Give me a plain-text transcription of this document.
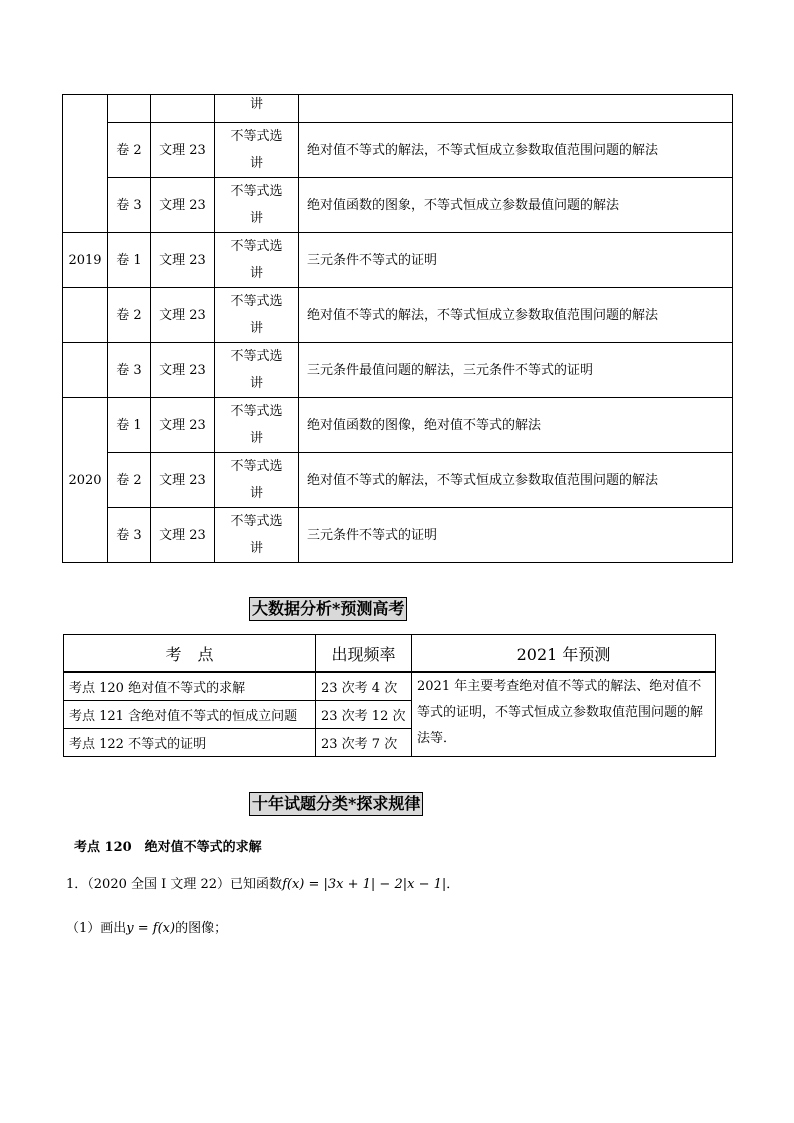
			讲	

	卷 2	文理 23	不等式选
讲	绝对值不等式的解法，不等式恒成立参数取值范围问题的解法
	卷 3	文理 23	不等式选
讲	绝对值函数的图象，不等式恒成立参数最值问题的解法
2019	卷 1	文理 23	不等式选
讲	三元条件不等式的证明
	卷 2	文理 23	不等式选
讲	绝对值不等式的解法，不等式恒成立参数取值范围问题的解法
	卷 3	文理 23	不等式选
讲	三元条件最值问题的解法，三元条件不等式的证明
2020	卷 1	文理 23	不等式选
讲	绝对值函数的图像，绝对值不等式的解法
	卷 2	文理 23	不等式选
讲	绝对值不等式的解法，不等式恒成立参数取值范围问题的解法
	卷 3	文理 23	不等式选
讲	三元条件不等式的证明
大数据分析*预测高考
考　点	出现频率	2021 年预测
考点 120 绝对值不等式的求解	23 次考 4 次	2021 年主要考查绝对值不等式的解法、绝对值不等式的证明，不等式恒成立参数取值范围问题的解法等．
考点 121 含绝对值不等式的恒成立问题	23 次考 12 次	
考点 122 不等式的证明	23 次考 7 次	
十年试题分类*探求规律
考点 120　绝对值不等式的求解
1．（2020 全国 I 文理 22）已知函数f(x) = |3x + 1| − 2|x − 1|．
（1）画出y = f(x)的图像；
